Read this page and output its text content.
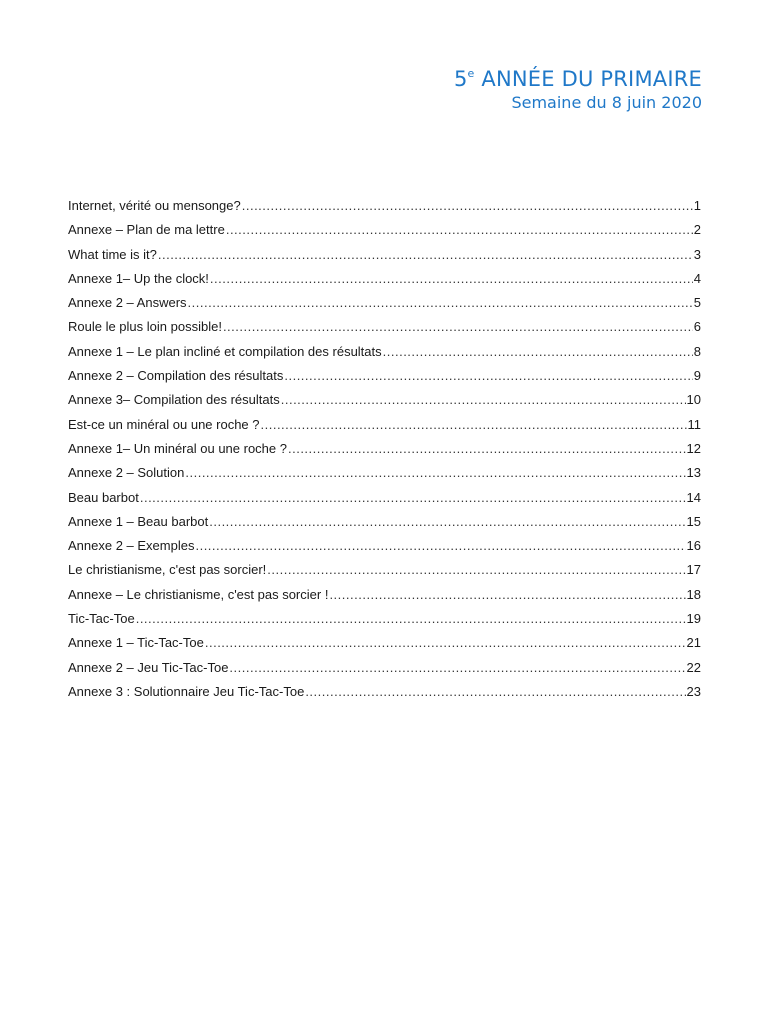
5e ANNÉE DU PRIMAIRE
Semaine du 8 juin 2020
Internet, vérité ou mensonge? .....	1
Annexe – Plan de ma lettre .....	2
What time is it? .....	3
Annexe 1– Up the clock! .....	4
Annexe 2 – Answers .....	5
Roule le plus loin possible! .....	6
Annexe 1 – Le plan incliné et compilation des résultats .....	8
Annexe 2 – Compilation des résultats .....	9
Annexe 3– Compilation des résultats .....	10
Est-ce un minéral ou une roche ? .....	11
Annexe 1– Un minéral ou une roche ? .....	12
Annexe 2 – Solution .....	13
Beau barbot .....	14
Annexe 1 – Beau barbot .....	15
Annexe 2 – Exemples .....	16
Le christianisme, c'est pas sorcier! .....	17
Annexe – Le christianisme, c'est pas sorcier ! .....	18
Tic-Tac-Toe .....	19
Annexe 1 – Tic-Tac-Toe .....	21
Annexe 2 – Jeu Tic-Tac-Toe .....	22
Annexe 3 : Solutionnaire Jeu Tic-Tac-Toe .....	23
